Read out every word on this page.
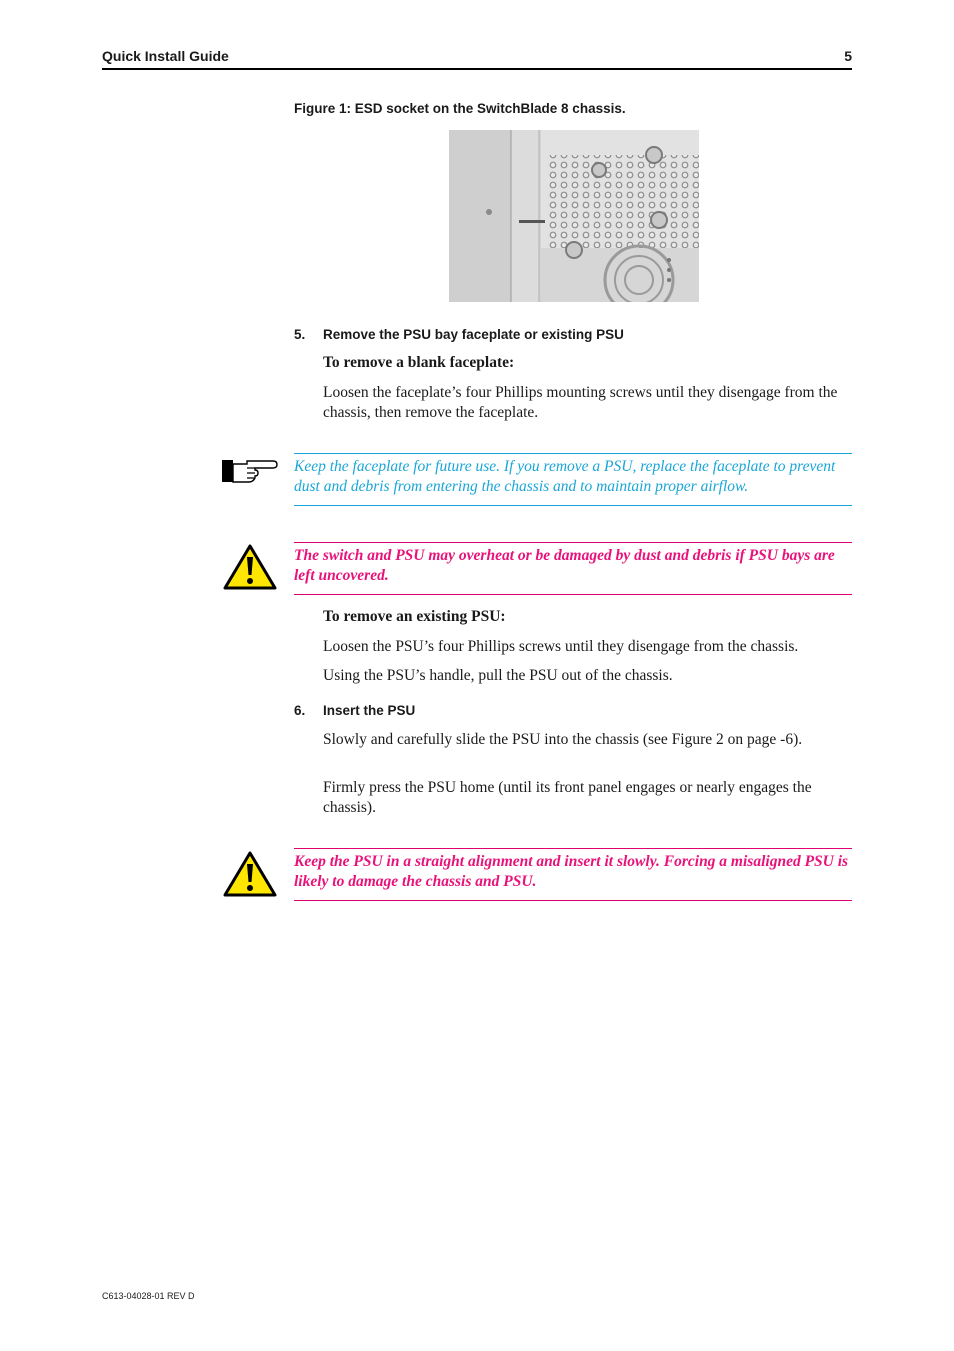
Quick Install Guide	5
Figure 1: ESD socket on the SwitchBlade 8 chassis.
5. Remove the PSU bay faceplate or existing PSU
To remove a blank faceplate:
Loosen the faceplate’s four Phillips mounting screws until they disengage from the chassis, then remove the faceplate.
Keep the faceplate for future use. If you remove a PSU, replace the faceplate to prevent dust and debris from entering the chassis and to maintain proper airflow.
The switch and PSU may overheat or be damaged by dust and debris if PSU bays are left uncovered.
To remove an existing PSU:
Loosen the PSU’s four Phillips screws until they disengage from the chassis.
Using the PSU’s handle, pull the PSU out of the chassis.
6. Insert the PSU
Slowly and carefully slide the PSU into the chassis (see Figure 2 on page -6).
Firmly press the PSU home (until its front panel engages or nearly engages the chassis).
Keep the PSU in a straight alignment and insert it slowly. Forcing a misaligned PSU is likely to damage the chassis and PSU.
C613-04028-01 REV D
